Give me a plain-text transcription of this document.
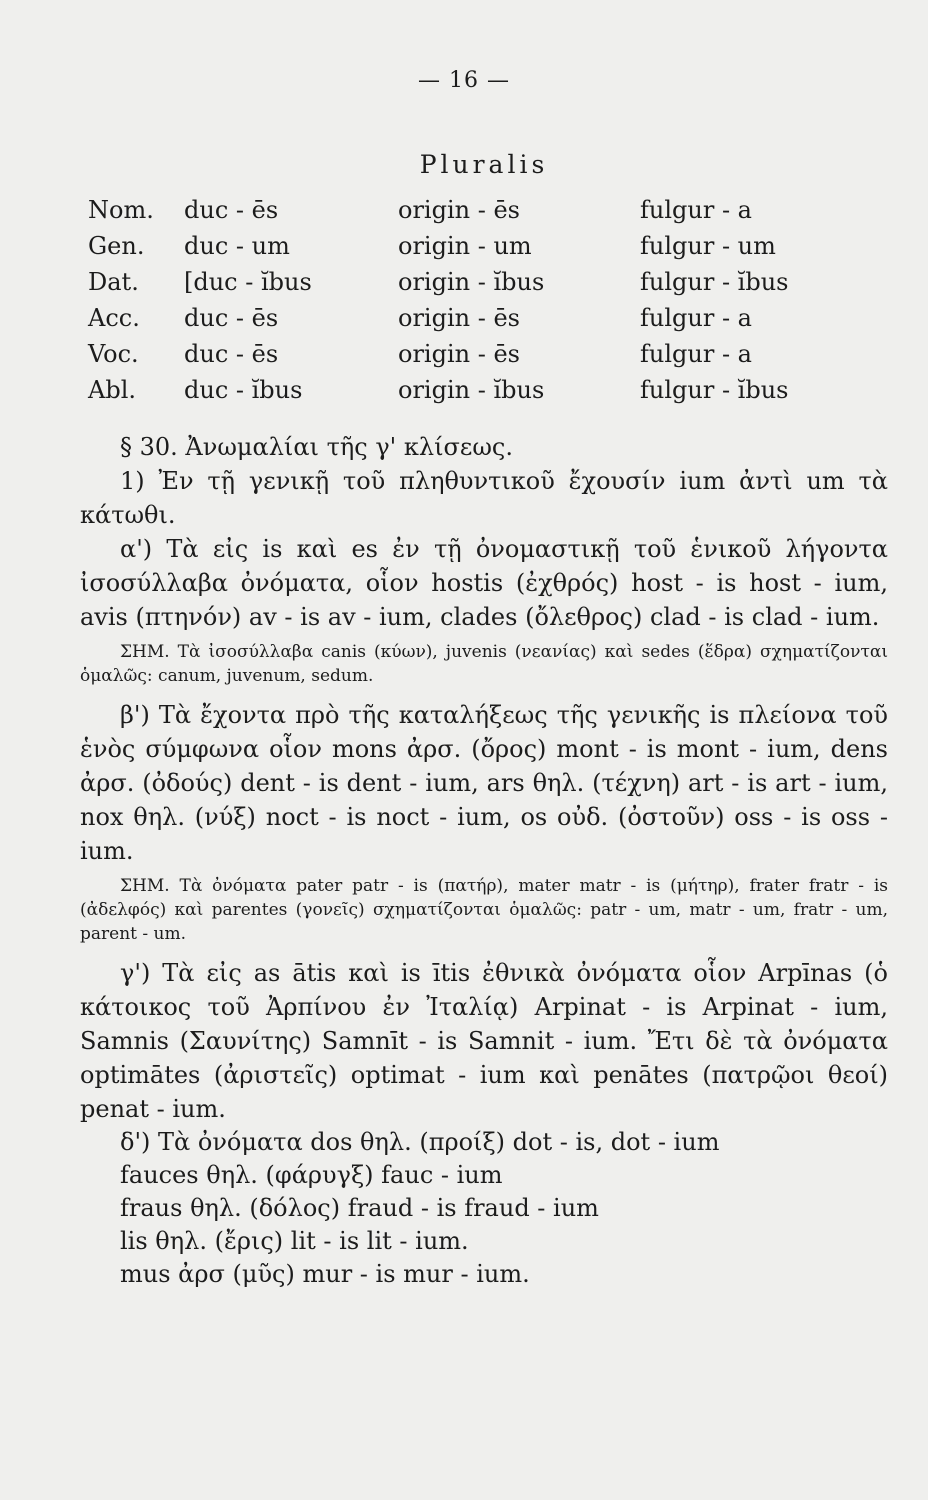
— 16 —
Pluralis
Nom. duc - ēs	origin - ēs	fulgur - a
Gen. duc - um	origin - um	fulgur - um
Dat. [duc - ĭbus	origin - ĭbus	fulgur - ĭbus
Acc. duc - ēs	origin - ēs	fulgur - a
Voc. duc - ēs	origin - ēs	fulgur - a
Abl. duc - ĭbus	origin - ĭbus	fulgur - ĭbus

§ 30. Ἀνωμαλίαι τῆς γ' κλίσεως.

1) Ἐν τῇ γενικῇ τοῦ πληθυντικοῦ ἔχουσίν ium ἀντὶ um τὰ κάτωθι.

α') Τὰ εἰς is καὶ es ἐν τῇ ὀνομαστικῇ τοῦ ἑνικοῦ λήγοντα ἰσοσύλλαβα ὀνόματα, οἷον hostis (ἐχθρός) host - is host - ium, avis (πτηνόν) av - is av - ium, clades (ὄλεθρος) clad - is clad - ium.

ΣΗΜ. Τὰ ἰσοσύλλαβα canis (κύων), juvenis (νεανίας) καὶ sedes (ἕδρα) σχηματίζονται ὁμαλῶς: canum, juvenum, sedum.

β') Τὰ ἔχοντα πρὸ τῆς καταλήξεως τῆς γενικῆς is πλείονα τοῦ ἑνὸς σύμφωνα οἷον mons ἀρσ. (ὄρος) mont - is mont - ium, dens ἀρσ. (ὀδούς) dent - is dent - ium, ars θηλ. (τέχνη) art - is art - ium, nox θηλ. (νύξ) noct - is noct - ium, os οὐδ. (ὀστοῦν) oss - is oss - ium.

ΣΗΜ. Τὰ ὀνόματα pater patr - is (πατήρ), mater matr - is (μήτηρ), frater fratr - is (ἀδελφός) καὶ parentes (γονεῖς) σχηματίζονται ὁμαλῶς: patr - um, matr - um, fratr - um, parent - um.

γ') Τὰ εἰς as ātis καὶ is ītis ἐθνικὰ ὀνόματα οἷον Arpīnas (ὁ κάτοικος τοῦ Ἀρπίνου ἐν Ἰταλίᾳ) Arpinat - is Arpinat - ium, Samnis (Σαυνίτης) Samnīt - is Samnit - ium. Ἔτι δὲ τὰ ὀνόματα optimātes (ἀριστεῖς) optimat - ium καὶ penātes (πατρῷοι θεοί) penat - ium.

δ') Τὰ ὀνόματα dos θηλ. (προίξ) dot - is, dot - ium
fauces θηλ. (φάρυγξ) fauc - ium
fraus θηλ. (δόλος) fraud - is fraud - ium
lis θηλ. (ἔρις) lit - is lit - ium.
mus ἀρσ (μῦς) mur - is mur - ium.
